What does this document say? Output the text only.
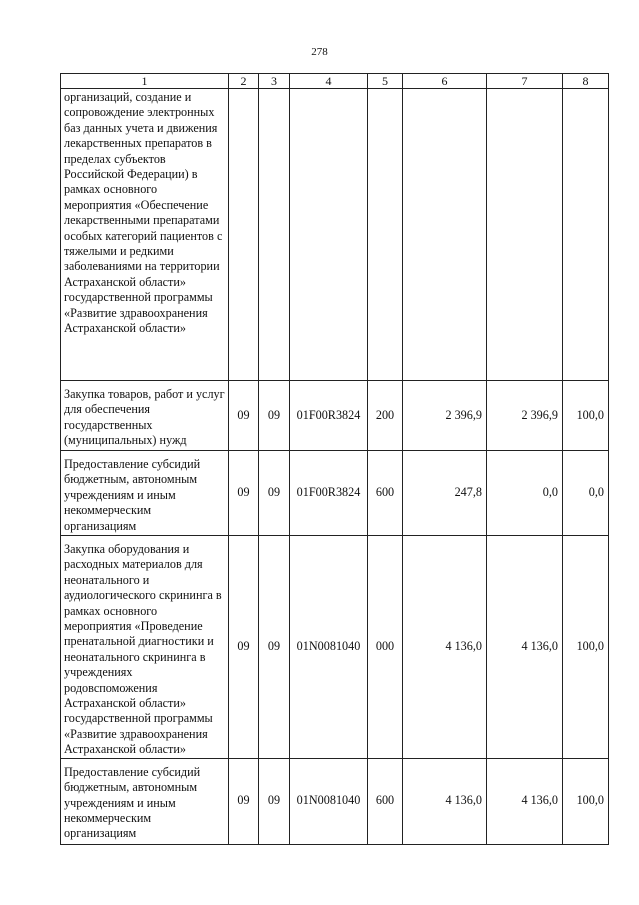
278
1	2	3	4	5	6	7	8
организаций, создание и сопровождение электронных баз данных учета и движения лекарственных препаратов в пределах субъектов Российской Федерации) в рамках основного мероприятия «Обеспечение лекарственными препаратами особых категорий пациентов с тяжелыми и редкими заболеваниями на территории Астраханской области» государственной программы «Развитие здравоохранения Астраханской области»							
Закупка товаров, работ и услуг для обеспечения государственных (муниципальных) нужд	09	09	01F00R3824	200	2 396,9	2 396,9	100,0
Предоставление субсидий бюджетным, автономным учреждениям и иным некоммерческим организациям	09	09	01F00R3824	600	247,8	0,0	0,0
Закупка оборудования и расходных материалов для неонатального и аудиологического скрининга в рамках основного мероприятия «Проведение пренатальной диагностики и неонатального скрининга в учреждениях родовспоможения Астраханской области» государственной программы «Развитие здравоохранения Астраханской области»	09	09	01N0081040	000	4 136,0	4 136,0	100,0
Предоставление субсидий бюджетным, автономным учреждениям и иным некоммерческим организациям	09	09	01N0081040	600	4 136,0	4 136,0	100,0
